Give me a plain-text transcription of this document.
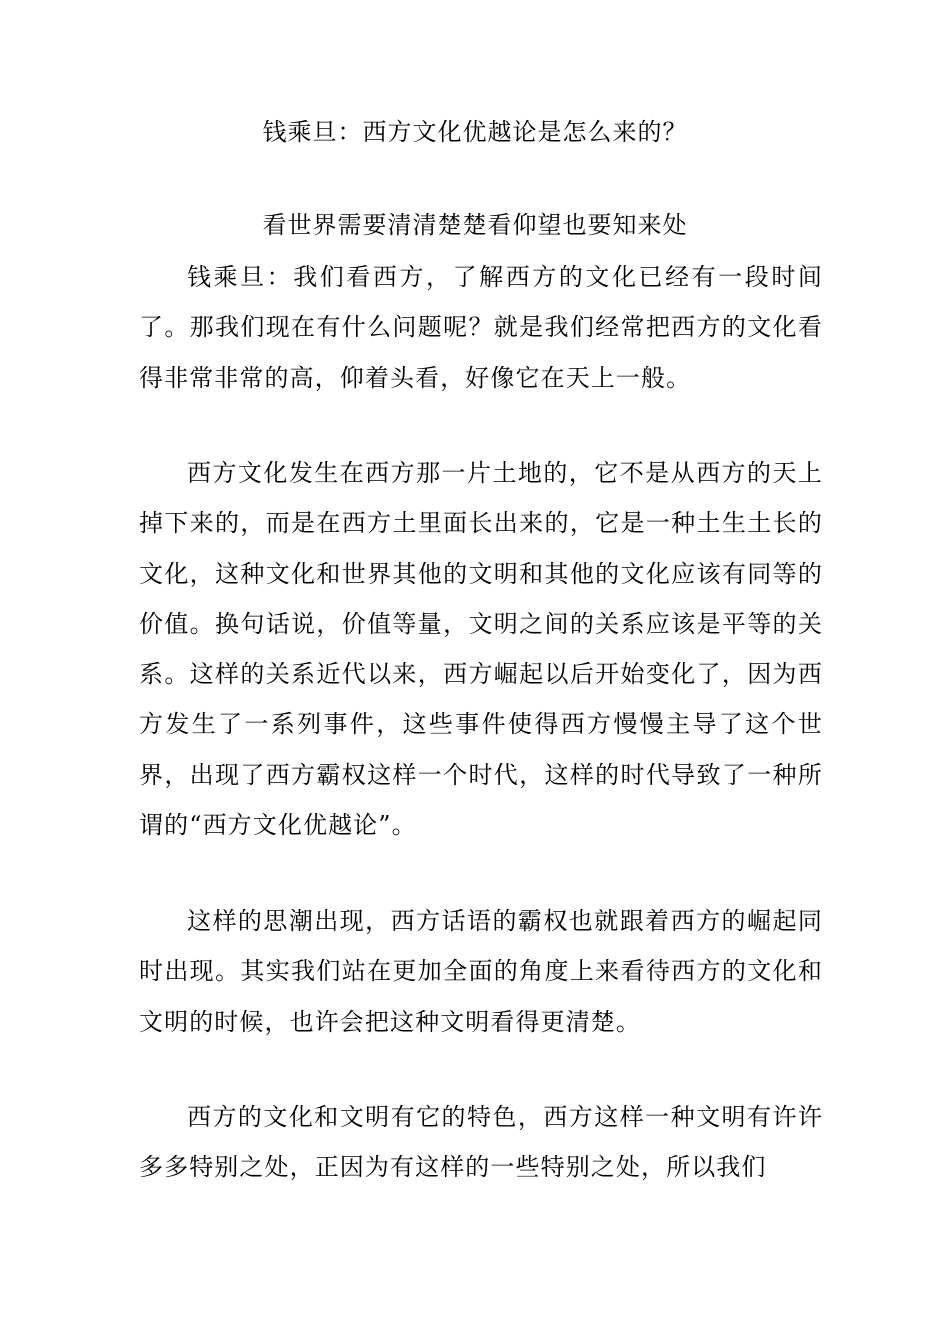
钱乘旦：西方文化优越论是怎么来的？
看世界需要清清楚楚看仰望也要知来处

钱乘旦：我们看西方，了解西方的文化已经有一段时间了。那我们现在有什么问题呢？就是我们经常把西方的文化看得非常非常的高，仰着头看，好像它在天上一般。

西方文化发生在西方那一片土地的，它不是从西方的天上掉下来的，而是在西方土里面长出来的，它是一种土生土长的文化，这种文化和世界其他的文明和其他的文化应该有同等的价值。换句话说，价值等量，文明之间的关系应该是平等的关系。这样的关系近代以来，西方崛起以后开始变化了，因为西方发生了一系列事件，这些事件使得西方慢慢主导了这个世界，出现了西方霸权这样一个时代，这样的时代导致了一种所谓的“西方文化优越论”。

这样的思潮出现，西方话语的霸权也就跟着西方的崛起同时出现。其实我们站在更加全面的角度上来看待西方的文化和文明的时候，也许会把这种文明看得更清楚。

西方的文化和文明有它的特色，西方这样一种文明有许许多多特别之处，正因为有这样的一些特别之处，所以我们
